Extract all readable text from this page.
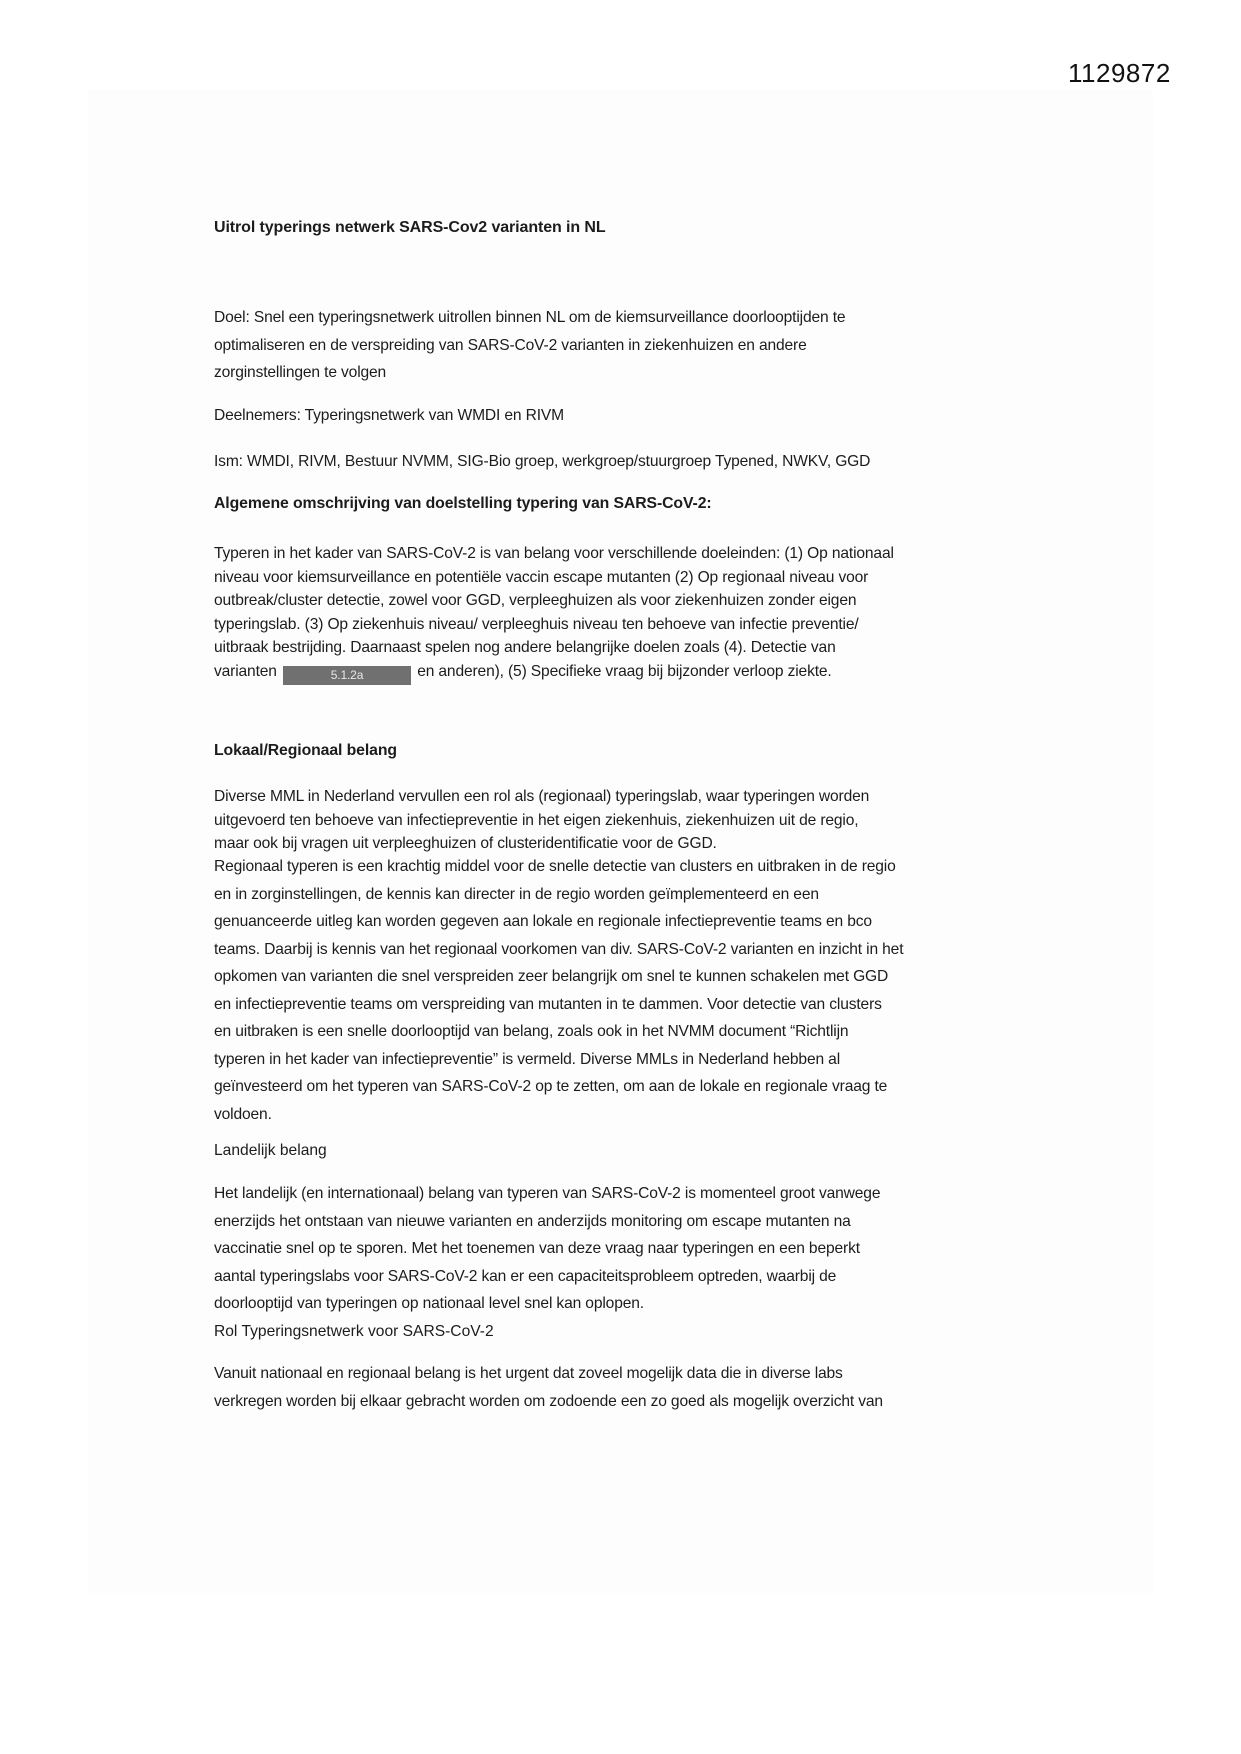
1129872
Uitrol typerings netwerk SARS-Cov2 varianten in NL
Doel: Snel een typeringsnetwerk uitrollen binnen NL om de kiemsurveillance doorlooptijden te
optimaliseren en de verspreiding van SARS-CoV-2 varianten in ziekenhuizen en andere
zorginstellingen te volgen
Deelnemers: Typeringsnetwerk van WMDI en RIVM
Ism: WMDI, RIVM, Bestuur NVMM, SIG-Bio groep, werkgroep/stuurgroep Typened, NWKV, GGD
Algemene omschrijving van doelstelling typering van SARS-CoV-2:
Typeren in het kader van SARS-CoV-2 is van belang voor verschillende doeleinden: (1) Op nationaal
niveau voor kiemsurveillance en potentiële vaccin escape mutanten (2) Op regionaal niveau voor
outbreak/cluster detectie, zowel voor GGD, verpleeghuizen als voor ziekenhuizen zonder eigen
typeringslab. (3) Op ziekenhuis niveau/ verpleeghuis niveau ten behoeve van infectie preventie/
uitbraak bestrijding. Daarnaast spelen nog andere belangrijke doelen zoals (4). Detectie van
varianten	5.1.2a	en anderen), (5) Specifieke vraag bij bijzonder verloop ziekte.
Lokaal/Regionaal belang
Diverse MML in Nederland vervullen een rol als (regionaal) typeringslab, waar typeringen worden
uitgevoerd ten behoeve van infectiepreventie in het eigen ziekenhuis, ziekenhuizen uit de regio,
maar ook bij vragen uit verpleeghuizen of clusteridentificatie voor de GGD.
Regionaal typeren is een krachtig middel voor de snelle detectie van clusters en uitbraken in de regio
en in zorginstellingen, de kennis kan directer in de regio worden geïmplementeerd en een
genuanceerde uitleg kan worden gegeven aan lokale en regionale infectiepreventie teams en bco
teams. Daarbij is kennis van het regionaal voorkomen van div. SARS-CoV-2 varianten en inzicht in het
opkomen van varianten die snel verspreiden zeer belangrijk om snel te kunnen schakelen met GGD
en infectiepreventie teams om verspreiding van mutanten in te dammen. Voor detectie van clusters
en uitbraken is een snelle doorlooptijd van belang, zoals ook in het NVMM document “Richtlijn
typeren in het kader van infectiepreventie” is vermeld. Diverse MMLs in Nederland hebben al
geïnvesteerd om het typeren van SARS-CoV-2 op te zetten, om aan de lokale en regionale vraag te
voldoen.
Landelijk belang
Het landelijk (en internationaal) belang van typeren van SARS-CoV-2 is momenteel groot vanwege
enerzijds het ontstaan van nieuwe varianten en anderzijds monitoring om escape mutanten na
vaccinatie snel op te sporen. Met het toenemen van deze vraag naar typeringen en een beperkt
aantal typeringslabs voor SARS-CoV-2 kan er een capaciteitsprobleem optreden, waarbij de
doorlooptijd van typeringen op nationaal level snel kan oplopen.
Rol Typeringsnetwerk voor SARS-CoV-2
Vanuit nationaal en regionaal belang is het urgent dat zoveel mogelijk data die in diverse labs
verkregen worden bij elkaar gebracht worden om zodoende een zo goed als mogelijk overzicht van
